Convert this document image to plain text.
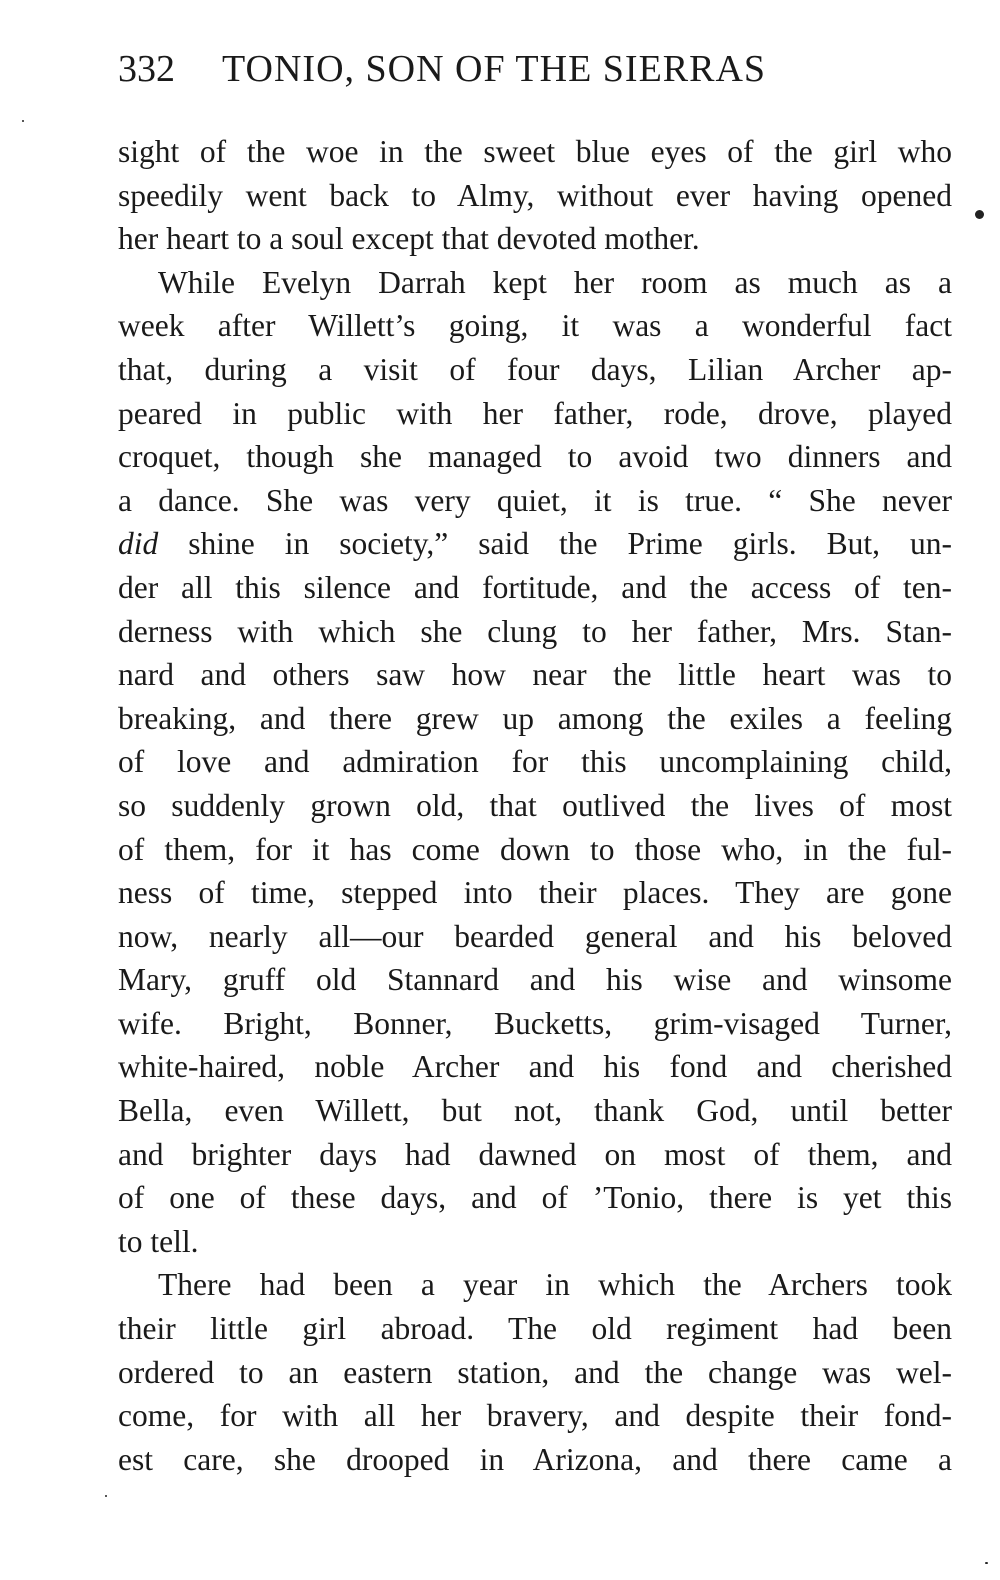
332 TONIO, SON OF THE SIERRAS
sight of the woe in the sweet blue eyes of the girl who
speedily went back to Almy, without ever having opened
her heart to a soul except that devoted mother.
While Evelyn Darrah kept her room as much as a
week after Willett’s going, it was a wonderful fact
that, during a visit of four days, Lilian Archer ap-
peared in public with her father, rode, drove, played
croquet, though she managed to avoid two dinners and
a dance. She was very quiet, it is true. “ She never
did shine in society,” said the Prime girls. But, un-
der all this silence and fortitude, and the access of ten-
derness with which she clung to her father, Mrs. Stan-
nard and others saw how near the little heart was to
breaking, and there grew up among the exiles a feeling
of love and admiration for this uncomplaining child,
so suddenly grown old, that outlived the lives of most
of them, for it has come down to those who, in the ful-
ness of time, stepped into their places. They are gone
now, nearly all—our bearded general and his beloved
Mary, gruff old Stannard and his wise and winsome
wife. Bright, Bonner, Bucketts, grim-visaged Turner,
white-haired, noble Archer and his fond and cherished
Bella, even Willett, but not, thank God, until better
and brighter days had dawned on most of them, and
of one of these days, and of ’Tonio, there is yet this
to tell.
There had been a year in which the Archers took
their little girl abroad. The old regiment had been
ordered to an eastern station, and the change was wel-
come, for with all her bravery, and despite their fond-
est care, she drooped in Arizona, and there came a
